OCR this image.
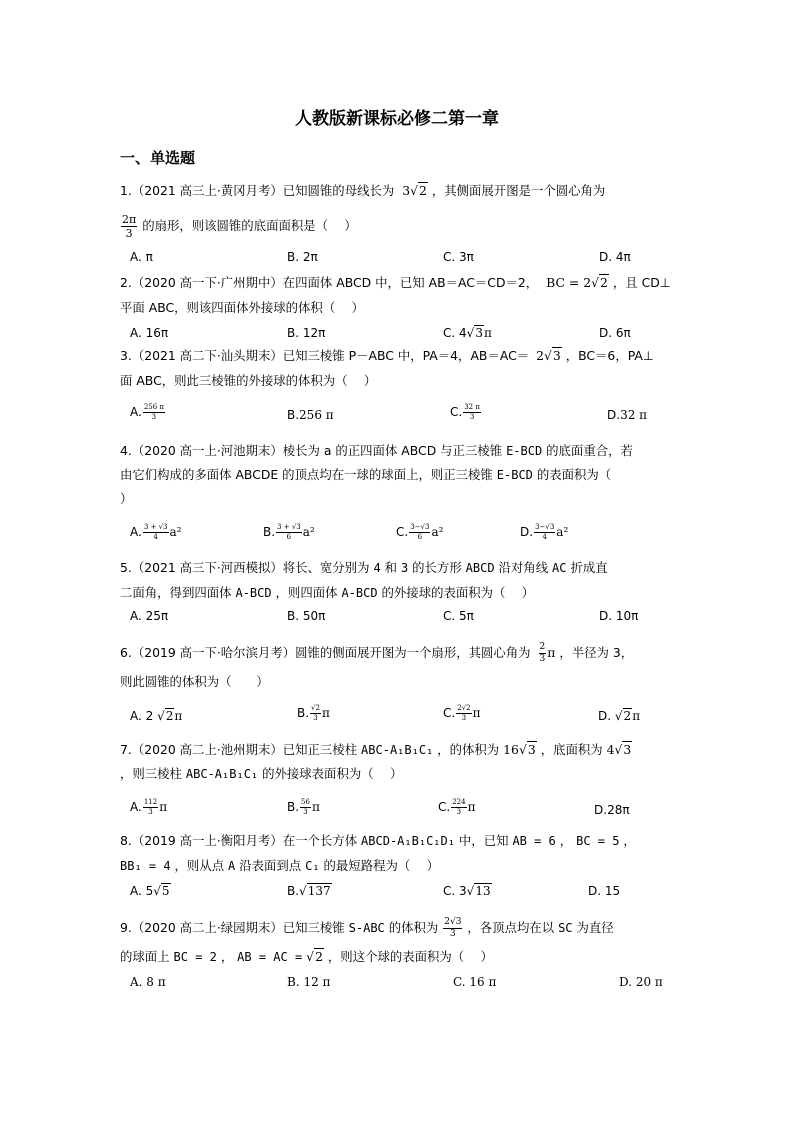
人教版新课标必修二第一章
一、单选题
1.（2021 高三上·黄冈月考）已知圆锥的母线长为 3√2 ，其侧面展开图是一个圆心角为
$\frac{2\pi}{3}$ 的扇形，则该圆锥的底面面积是（　 ）
A. π	B. 2π	C. 3π	D. 4π
2.（2020 高一下·广州期中）在四面体 ABCD 中，已知 AB＝AC＝CD＝2， BC = 2√2 ，且 CD⊥
平面 ABC，则该四面体外接球的体积（　 ）
A. 16π	B. 12π	C. 4√3π	D. 6π
3.（2021 高二下·汕头期末）已知三棱锥 P－ABC 中，PA＝4，AB＝AC＝ 2√3 ，BC＝6，PA⊥
面 ABC，则此三棱锥的外接球的体积为（　 ）
A. $\frac{256 \pi}{3}$	B.256 π	C. $\frac{32 \pi}{3}$	D.32 π
4.（2020 高一上·河池期末）棱长为 a 的正四面体 ABCD 与正三棱锥 E-BCD 的底面重合，若
由它们构成的多面体 ABCDE 的顶点均在一球的球面上，则正三棱锥 E-BCD 的表面积为（
）
A. $\frac{3 + √3}{4} a^2$	B. $\frac{3 + √3}{6} a^2$	C. $\frac{3-√3}{6} a^2$	D. $\frac{3-√3}{4} a^2$
5.（2021 高三下·河西模拟）将长、宽分别为 4 和 3 的长方形 ABCD 沿对角线 AC 折成直
二面角，得到四面体 A-BCD ，则四面体 A-BCD 的外接球的表面积为（　 ）
A. 25π	B. 50π	C. 5π	D. 10π
6.（2019 高一下·哈尔滨月考）圆锥的侧面展开图为一个扇形，其圆心角为 $\frac{2}{3}$ π ，半径为 3，
则此圆锥的体积为（　　）
A. 2 √2π	B. $\frac{√2}{3}$ π	C. $\frac{2√2}{3}$ π	D. √2π
7.（2020 高二上·池州期末）已知正三棱柱 ABC-A₁B₁C₁ ，的体积为 16√3 ，底面积为 4√3
，则三棱柱 ABC-A₁B₁C₁ 的外接球表面积为（　 ）
A. $\frac{112}{3}$ π	B. $\frac{56}{3}$ π	C. $\frac{224}{3}$ π	D.28π
8.（2019 高一上·衡阳月考）在一个长方体 ABCD-A₁B₁C₁D₁ 中，已知 AB = 6 ， BC = 5 ，
BB₁ = 4 ，则从点 A 沿表面到点 C₁ 的最短路程为（　 ）
A. 5√5	B.√137	C. 3√13	D. 15
9.（2020 高二上·绿园期末）已知三棱锥 S-ABC 的体积为 $\frac{2√3}{3}$ ，各顶点均在以 SC 为直径
的球面上 BC = 2 ， AB = AC = √2 ，则这个球的表面积为（　 ）
A. 8 π	B. 12 π	C. 16 π	D. 20 π
